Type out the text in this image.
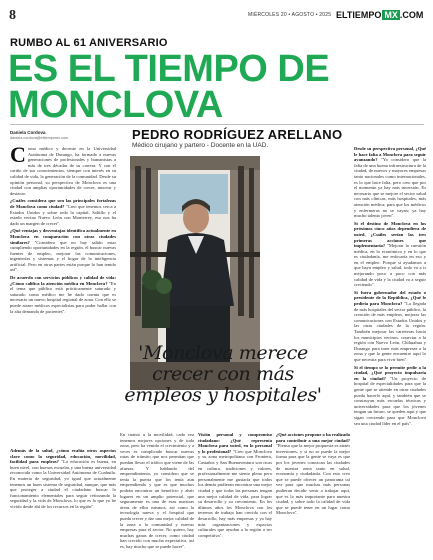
8	MIÉRCOLES 20 • AGOSTO • 2025 ELTIEMPO MX .COM
RUMBO AL 61 ANIVERSARIO
ES EL TIEMPO DE MONCLOVA
Daniela Cordova
daniela.cordova@eltiempomx.com	PEDRO RODRÍGUEZ ARELLANO
Médico cirujano y partero - Docente en la UAD.
'Monclova merece crecer con más empleos y hospitales'

Como médico y docente en la Universidad Autónoma de Durango, ha formado a nuevas generaciones de profesionales y humanistas a más de tres décadas de su carrera. Y con el cariño de sus conocimientos, siempre con interés en su calidad de vida, la generación de la comunidad. Desde su opinión personal, su perspectiva de Monclova es una ciudad con amplias oportunidades de crecer, innovar y destacar.

¿Cuáles considera que son las principales fortalezas de Monclova como ciudad? "Creo que tenemos cerca a Estados Unidos y sobre todo la capital, Saltillo y el estado vecino Nuevo León con Monterrey, eso nos ha dado un margen de crecer".

¿Qué ventajas y desventajas identifica actualmente en Monclova en comparación con otras ciudades similares? "Considero que no hay salido estar cumpliendo oportunidades en la región, el buscar nuevas fuentes de empleo, mejorar las comunicaciones, ingenierías y sistemas y el hogar de la inteligencia artificial. Pero en otras partes están porque lo han tenido así".

De acuerdo con servicios públicos y calidad de vida: ¿Cómo califica la atención médica en Monclova? "En el tema que público está prácticamente saturado y saturado como médico me he dado cuenta que es necesario un nuevo hospital regional de zona. Con ello se puede atraer médicos especialistas para poder hallar con la alta demanda de pacientes".

Además de la salud, ¿cómo evalúa otros aspectos clave como la seguridad, educación, movilidad, facilidad para empleos? "La educación es buena, en buen nivel, con buenos escuelas y una buena universidad reconocida como la Universidad Autónoma de Coahuila. En materia de seguridad, yo igual que actualmente tenemos un buen sistema de seguridad, aunque, que más que proteger a ciudad el ciudadano buscar lo funcionamiento elementales para seguir reforzando la seguridad y la vida de Monclova, lo que es lo que yo he vivido desde ahí de los recursos en la región".

En cuanto a la movilidad, cada vez tenemos mejores opciones y de toda zona, pero ha venido el crecimiento y a veces es complicado buscar nuevas rutas de tránsito que nos permitan que puedan llevar el tráfico que viene de las afueras. Y hablando del emprendimiento, yo considero que se tenía la puerta que los tenía aun emprendiendo y que es que muchos podrán encontrar un beneficio y abrir lugares en un amplio potencial, que seguramente es una de esas nuestras áreas de ellos mismos, así como la tecnología nueva y el hospital que pueda crecer y dar una mejor calidad de la zona a la comunidad y nuevas empresas para el sector. No quiero, hay muchas ganas de crecer, como ciudad han crecido con mucha expectativa, así es, hay mucho que se puede hacer".

Visión personal y compromiso ciudadano: ¿Qué representa Monclova para usted, en lo personal y lo profesional? "Creo que Monclova y su zona metropolitana con Frontera, Castaños y San Buenaventura son ricas en cultura, tradiciones y valores, profesionalmente me siento pleno pero personalmente me gustaría que todos los demás pudieran encontrar una mejor ciudad y que todas las personas tengan una mejor calidad de vida, para lograr su desarrollo y su crecimiento. En los últimos años los Monclova con los terrenos de trabajo han crecido con el desarrollo, hay más empresas y ya hay más organizaciones y espacios culturales que ayudan a la región a ser competitiva".

¿Qué acciones propone o ha realizado para contribuir a una mejor ciudad? "Pienso que la mejor propuesta es atraer inversiones, y si no se puede la mejor forma para que la gente se vaya es que por los jóvenes conozcan las ciudades de nuestra zona tanto en salud, economía y ciudadanía. Con esto creo que se puede ofrecer un panorama tal vez para que muchas más personas pudieran decidir venir a trabajar aquí, que es lo más importante para nuestra ciudad, y sobre todo la calidad de vida que se puede tener en un lugar como Monclova".

Desde su perspectiva personal, ¿Qué le hace falta a Monclova para seguir avanzando? "Yo considero que la falta de una buena infraestructura de la ciudad, de nuevos y mayores empresas tanto nacionales como internacionales, es lo que hace falta, pero creo que por el momento ya hay más inversión. Es necesario que se mejore el sector salud con más clínicas, más hospitales, más atención médica; para que los médicos y enfermeras no se vayan; ya hay mucho talento joven".

Si el destino de Monclova en los próximos cinco años dependiera de usted, ¿Cuáles serían las tres primeras acciones que implementaría? "Mejorar la cuestión médica, en lo económico y en lo que es ciudadanía, me enfocaría en eso y en el empleo. Porque si ayudamos a que haya empleo y salud, todo va a ir mejorando poco a poco con más calidad de vida y la ciudad va a seguir creciendo".

Si fuera gobernador del estado o presidente de la República, ¿Qué le pediría para Monclova? "La llegada de más hospitales del sector público, la creación de más empleos, mejorar las comunicaciones con Estados Unidos y las otras ciudades de la región. También mejorar las carreteras hacia los municipios vecinos, conectar a la región con Nuevo León, Chihuahua y Durango para traer más empresas a la zona y que la gente encuentre aquí lo que necesita para vivir bien".

Si el tiempo se lo permite pedir a la ciudad, ¿Qué proyecto impulsaría en la ciudad? "Un proyecto de hospital de especialidades para que la gente que se atiende en otras ciudades pueda hacerlo aquí, y también que se construyan más escuelas técnicas y universidades para que los jóvenes tengan un futuro, se queden aquí y que sigan creciendo para que Monclova sea una ciudad líder en el país".
